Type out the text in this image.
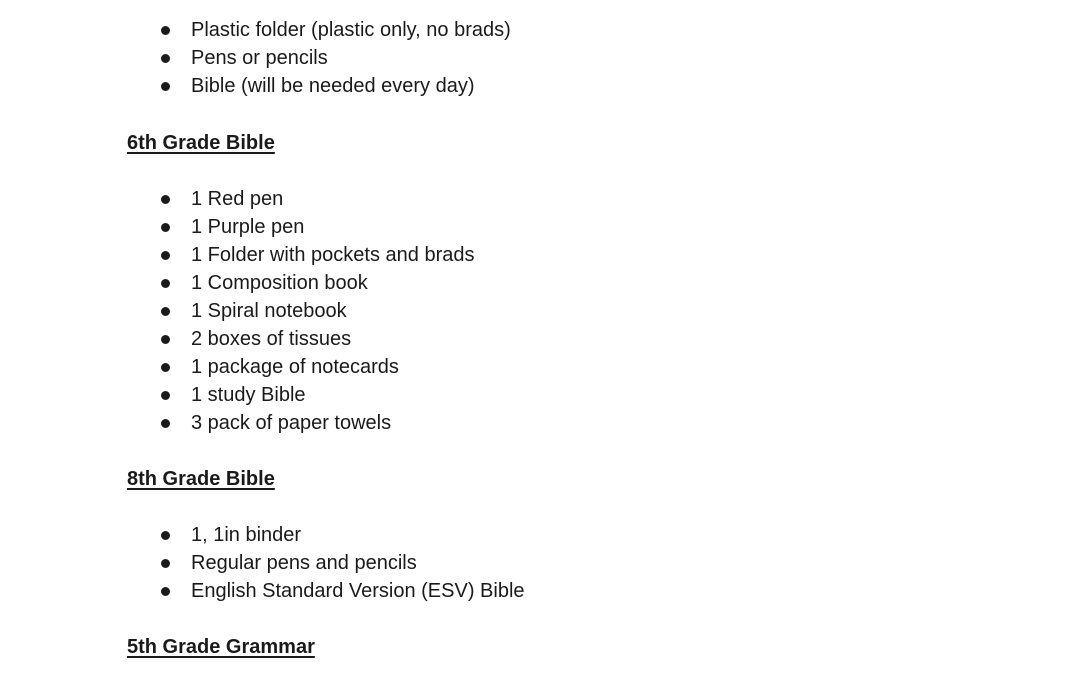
Plastic folder (plastic only, no brads)
Pens or pencils
Bible (will be needed every day)
6th Grade Bible
1 Red pen
1 Purple pen
1 Folder with pockets and brads
1 Composition book
1 Spiral notebook
2 boxes of tissues
1 package of notecards
1 study Bible
3 pack of paper towels
8th Grade Bible
1, 1in binder
Regular pens and pencils
English Standard Version (ESV) Bible
5th Grade Grammar
